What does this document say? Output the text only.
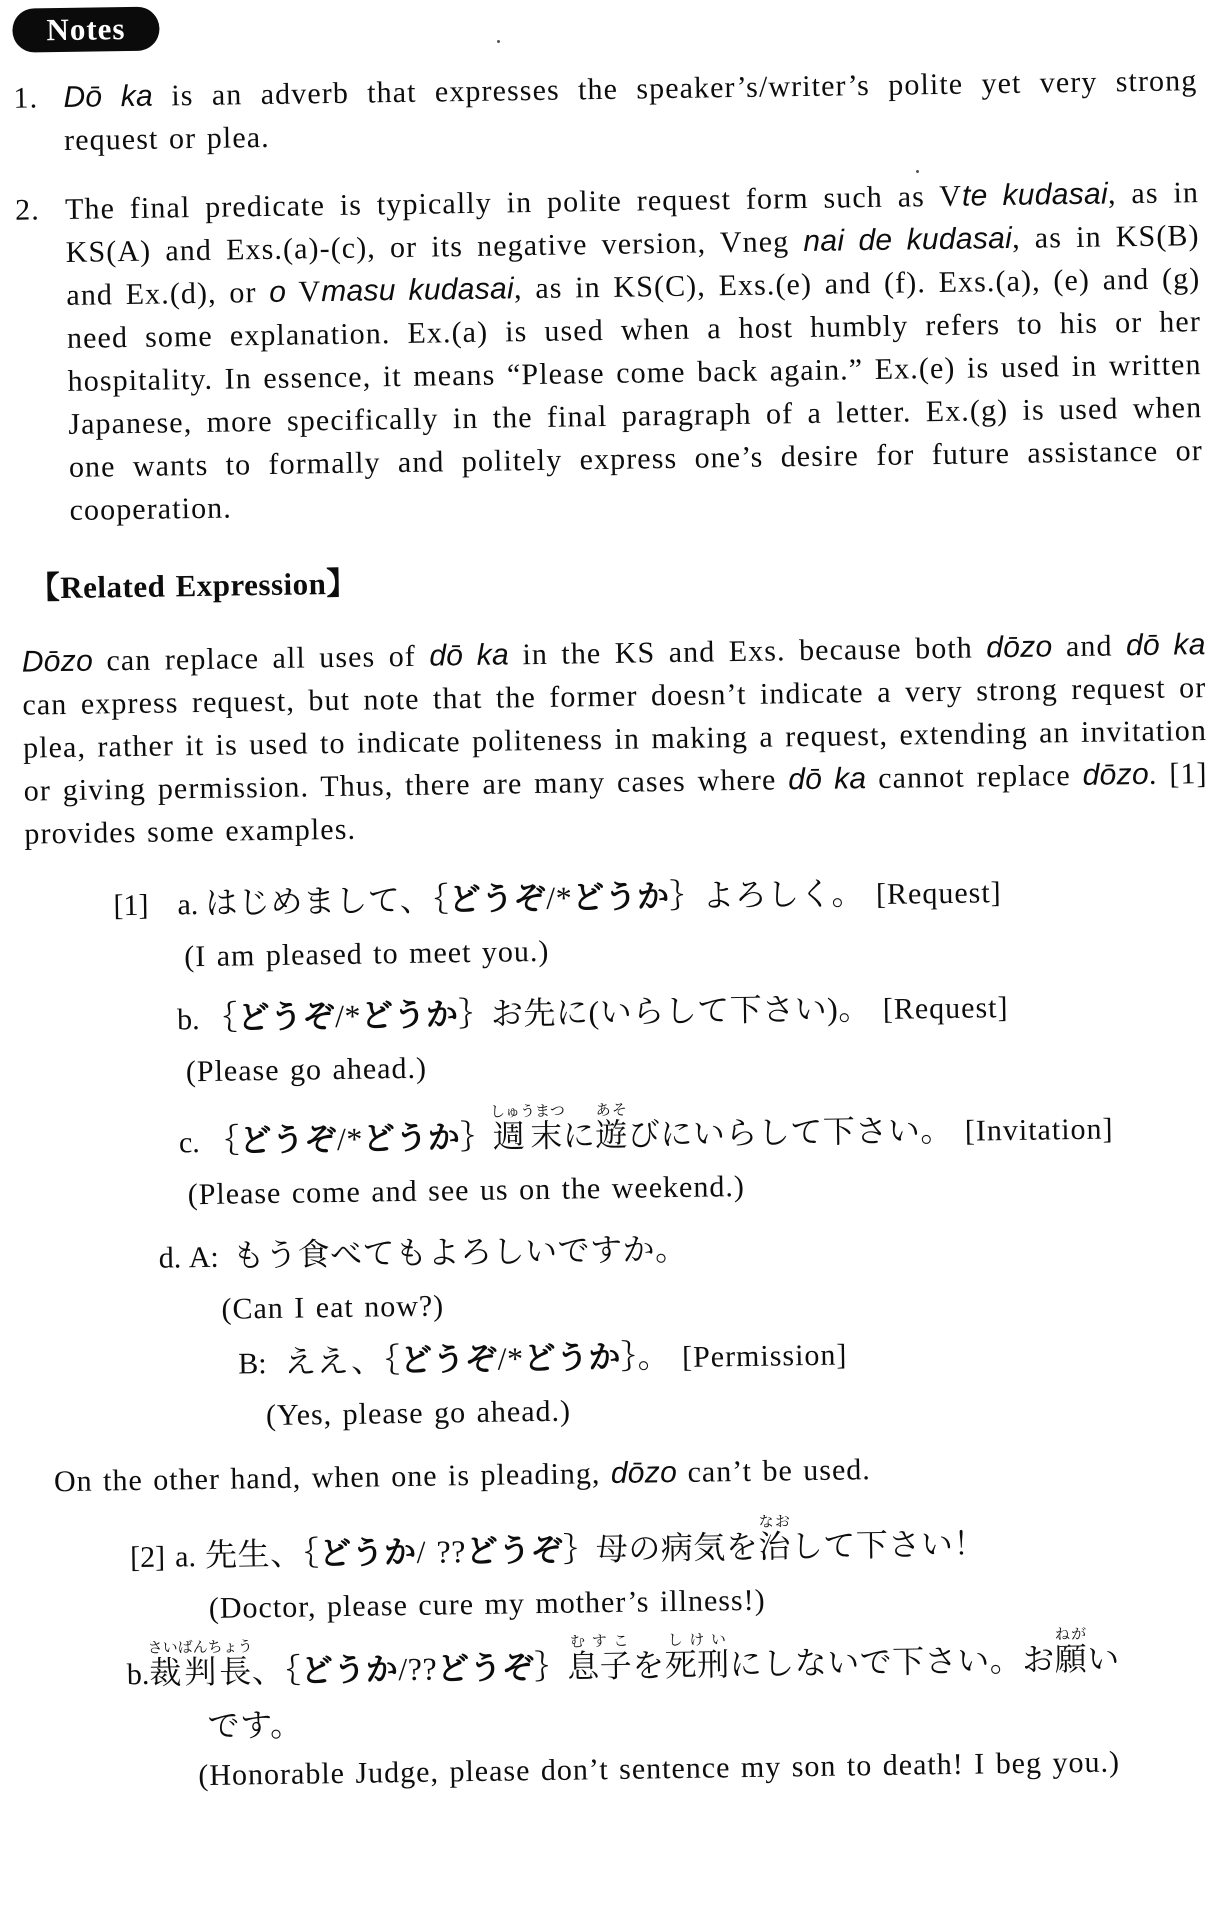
Notes
1. Dō ka is an adverb that expresses the speaker’s/writer’s polite yet very strong request or plea.
2. The final predicate is typically in polite request form such as Vte kudasai, as in KS(A) and Exs.(a)-(c), or its negative version, Vneg nai de kudasai, as in KS(B) and Ex.(d), or o Vmasu kudasai, as in KS(C), Exs.(e) and (f). Exs.(a), (e) and (g) need some explanation. Ex.(a) is used when a host humbly refers to his or her hospitality. In essence, it means “Please come back again.” Ex.(e) is used in written Japanese, more specifically in the final paragraph of a letter. Ex.(g) is used when one wants to formally and politely express one’s desire for future assistance or cooperation.
【Related Expression】
Dōzo can replace all uses of dō ka in the KS and Exs. because both dōzo and dō ka can express request, but note that the former doesn’t indicate a very strong request or plea, rather it is used to indicate politeness in making a request, extending an invitation or giving permission. Thus, there are many cases where dō ka cannot replace dōzo. [1] provides some examples.
[1] a. はじめまして、｛どうぞ/*どうか｝よろしく。 [Request]
(I am pleased to meet you.)
b. ｛どうぞ/*どうか｝お先に(いらして下さい)。 [Request]
(Please go ahead.)
c. ｛どうぞ/*どうか｝週末しゅうまつに遊あそびにいらして下さい。 [Invitation]
(Please come and see us on the weekend.)
d. A: もう食べてもよろしいですか。
(Can I eat now?)
B: ええ、｛どうぞ/*どうか｝。 [Permission]
(Yes, please go ahead.)
On the other hand, when one is pleading, dōzo can’t be used.
[2] a. 先生、｛どうか/ ??どうぞ｝母の病気を治なおして下さい！
(Doctor, please cure my mother’s illness!)
b.裁判長さいばんちょう、｛どうか/??どうぞ｝息子むすこを死刑しけいにしないで下さい。お願ねがい
です。
(Honorable Judge, please don’t sentence my son to death! I beg you.)
